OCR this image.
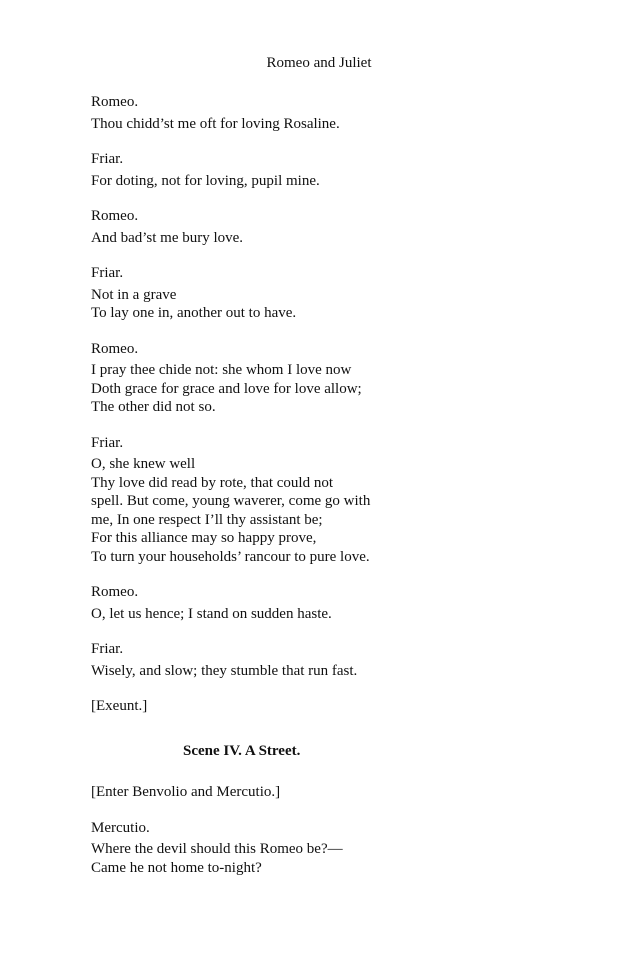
Romeo and Juliet
Romeo.
Thou chidd’st me oft for loving Rosaline.
Friar.
For doting, not for loving, pupil mine.
Romeo.
And bad’st me bury love.
Friar.
Not in a grave
To lay one in, another out to have.
Romeo.
I pray thee chide not: she whom I love now
Doth grace for grace and love for love allow;
The other did not so.
Friar.
O, she knew well
Thy love did read by rote, that could not
spell. But come, young waverer, come go with
me, In one respect I’ll thy assistant be;
For this alliance may so happy prove,
To turn your households’ rancour to pure love.
Romeo.
O, let us hence; I stand on sudden haste.
Friar.
Wisely, and slow; they stumble that run fast.
[Exeunt.]
Scene IV. A Street.
[Enter Benvolio and Mercutio.]
Mercutio.
Where the devil should this Romeo be?—
Came he not home to-night?
